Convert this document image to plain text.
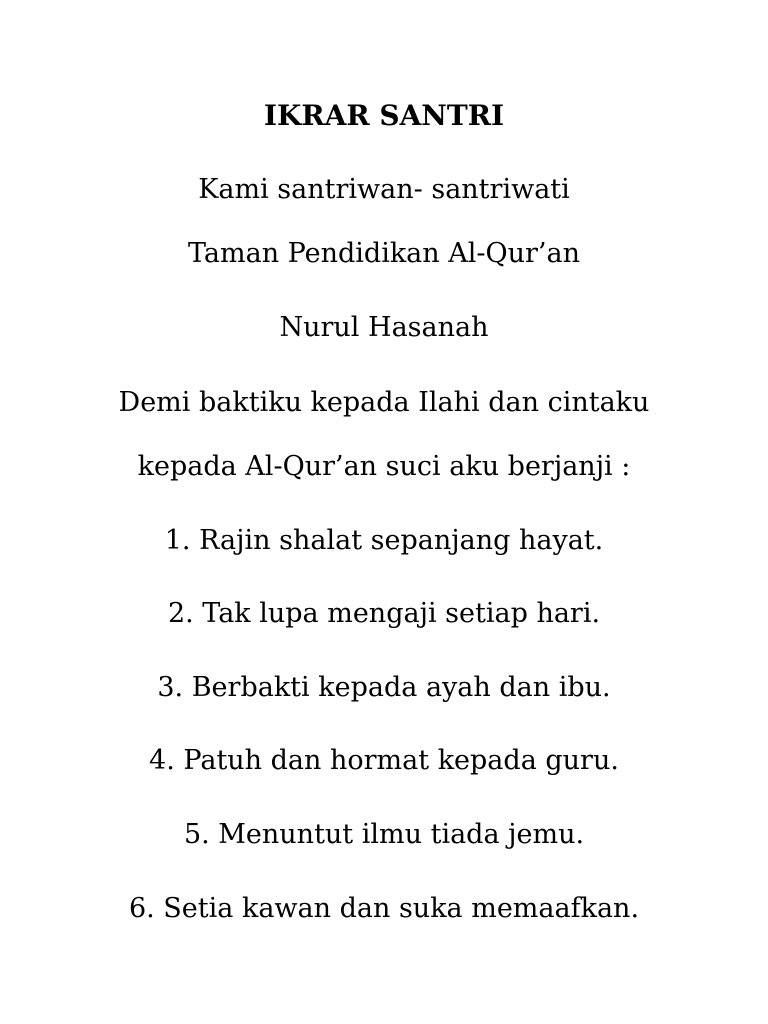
IKRAR SANTRI
Kami santriwan- santriwati
Taman Pendidikan Al-Qur’an
Nurul Hasanah
Demi baktiku kepada Ilahi dan cintaku
kepada Al-Qur’an suci aku berjanji :
1. Rajin shalat sepanjang hayat.
2. Tak lupa mengaji setiap hari.
3. Berbakti kepada ayah dan ibu.
4. Patuh dan hormat kepada guru.
5. Menuntut ilmu tiada jemu.
6. Setia kawan dan suka memaafkan.
